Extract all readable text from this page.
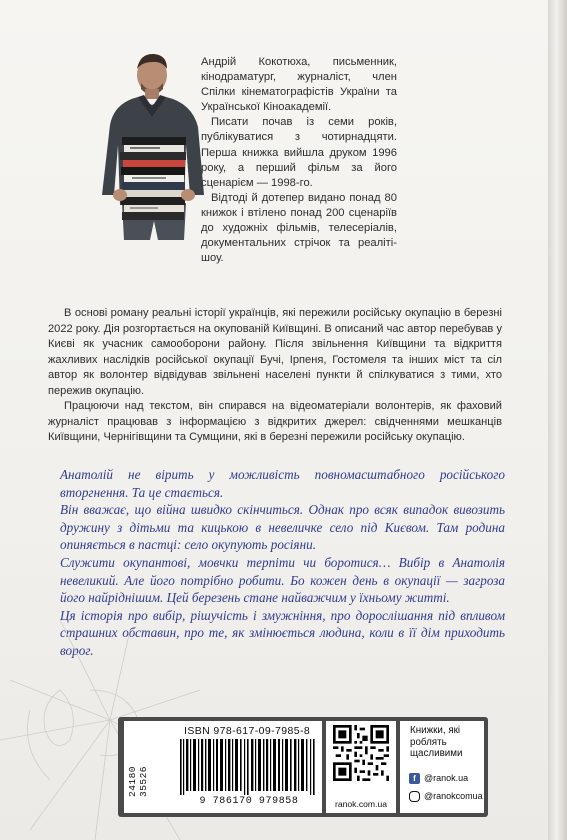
Андрій Кокотюха, письменник, кінодраматург, журналіст, член Спілки кінематографістів України та Української Кіноакадемії.

Писати почав із семи років, публікуватися з чотирнадцяти. Перша книжка вийшла друком 1996 року, а перший фільм за його сценарієм — 1998-го.

Відтоді й дотепер видано понад 80 книжок і втілено понад 200 сценаріїв до художніх фільмів, телесеріалів, документальних стрічок та реаліті-шоу.

В основі роману реальні історії українців, які пережили російську окупацію в березні 2022 року. Дія розгортається на окупованій Київщині. В описаний час автор перебував у Києві як учасник самооборони району. Після звільнення Київщини та відкриття жахливих наслідків російської окупації Бучі, Ірпеня, Гостомеля та інших міст та сіл автор як волонтер відвідував звільнені населені пункти й спілкуватися з тими, хто пережив окупацію.

Працюючи над текстом, він спирався на відеоматеріали волонтерів, як фаховий журналіст працював з інформацією з відкритих джерел: свідченнями мешканців Київщини, Чернігівщини та Сумщини, які в березні пережили російську окупацію.

Анатолій не вірить у можливість повномасштабного російського вторгнення. Та це стається.

Він вважає, що війна швидко скінчиться. Однак про всяк випадок вивозить дружину з дітьми та кицькою в невеличке село під Києвом. Там родина опиняється в пастці: село окупують росіяни.

Служити окупантові, мовчки терпіти чи боротися… Вибір в Анатолія невеликий. Але його потрібно робити. Бо кожен день в окупації — загроза його найріднішим. Цей березень стане найважчим у їхньому житті.

Ця історія про вибір, рішучість і змужніння, про дорослішання під впливом страшних обставин, про те, як змінюється людина, коли в її дім приходить ворог.

ISBN 978-617-09-7985-8
24180 35526
9 786170 979858	ranok.com.ua
Книжки, які роблять щасливими
f @ranok.ua
@ranokcomua
